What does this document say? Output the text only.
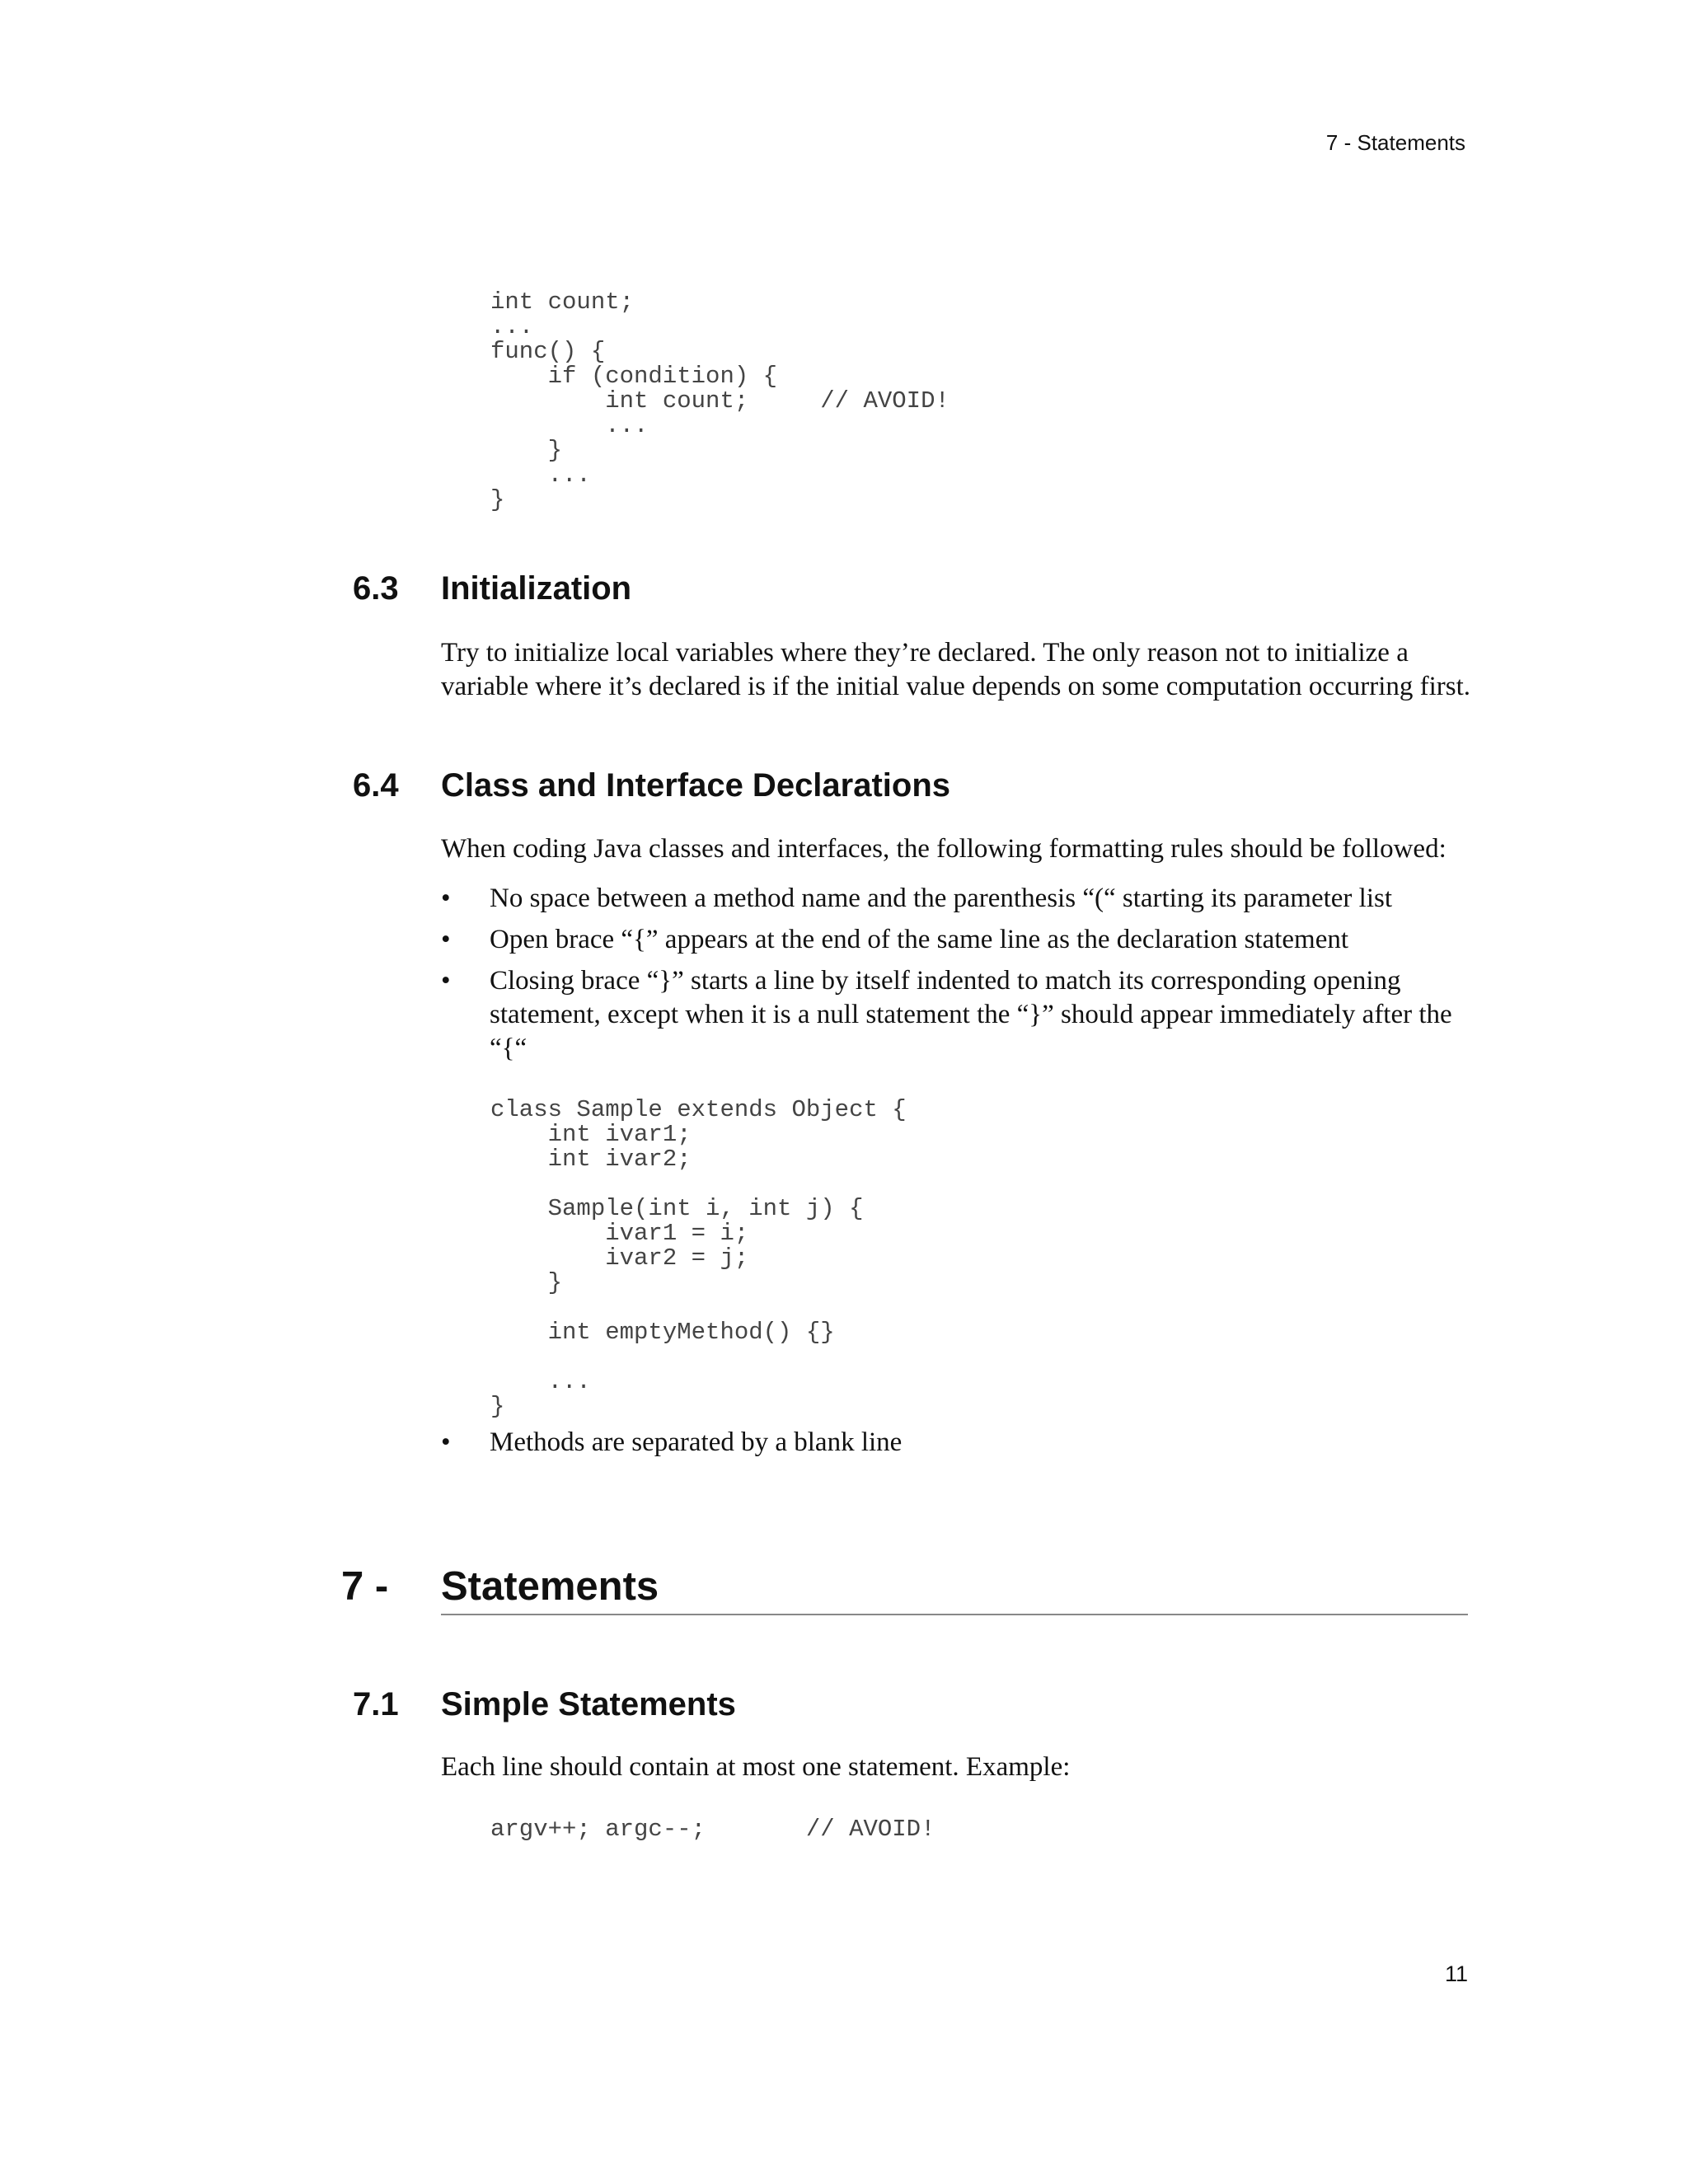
7 - Statements
int count;
...
func() {
if (condition) {
int count;     // AVOID!
...
}
...
}
6.3 Initialization
Try to initialize local variables where they’re declared. The only reason not to initialize a variable where it’s declared is if the initial value depends on some computation occurring first.
6.4 Class and Interface Declarations
When coding Java classes and interfaces, the following formatting rules should be followed:
• No space between a method name and the parenthesis “(“ starting its parameter list
• Open brace “{” appears at the end of the same line as the declaration statement
• Closing brace “}” starts a line by itself indented to match its corresponding opening statement, except when it is a null statement the “}” should appear immediately after the “{“
class Sample extends Object {
int ivar1;
int ivar2;

Sample(int i, int j) {
ivar1 = i;
ivar2 = j;
}

int emptyMethod() {}

...
}
• Methods are separated by a blank line
7 - Statements
7.1 Simple Statements
Each line should contain at most one statement. Example:
argv++; argc--;       // AVOID!
11
